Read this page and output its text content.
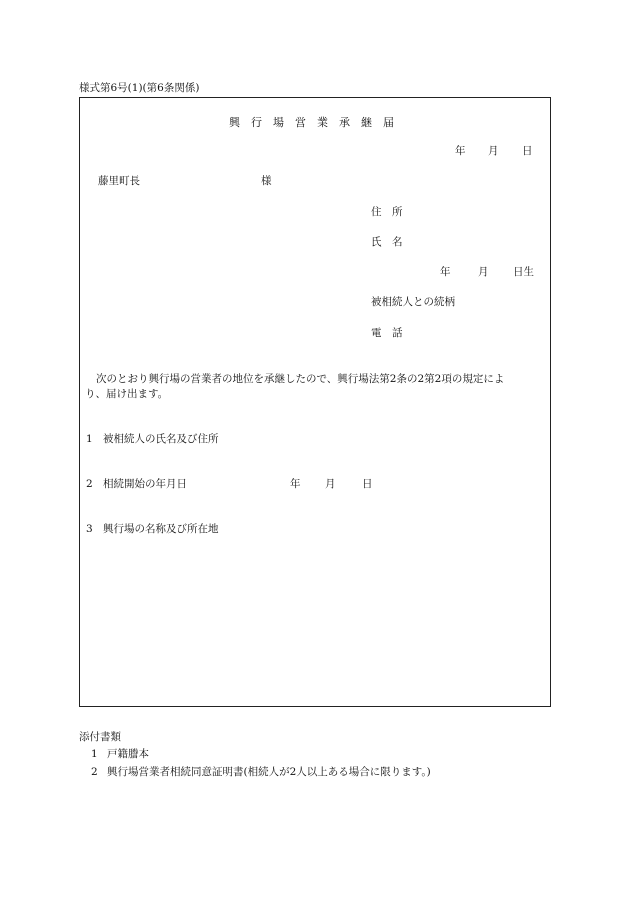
様式第6号(1)(第6条関係)
興行場営業承継届
年 月 日
藤里町長	様
住　所
氏　名
年	月 日生
被相続人との続柄
電　話
次のとおり興行場の営業者の地位を承継したので、興行場法第2条の2第2項の規定によ
り、届け出ます。
1 被相続人の氏名及び住所
2 相続開始の年月日	年 月	日
3 興行場の名称及び所在地
添付書類
1 戸籍謄本
2 興行場営業者相続同意証明書(相続人が2人以上ある場合に限ります。)
